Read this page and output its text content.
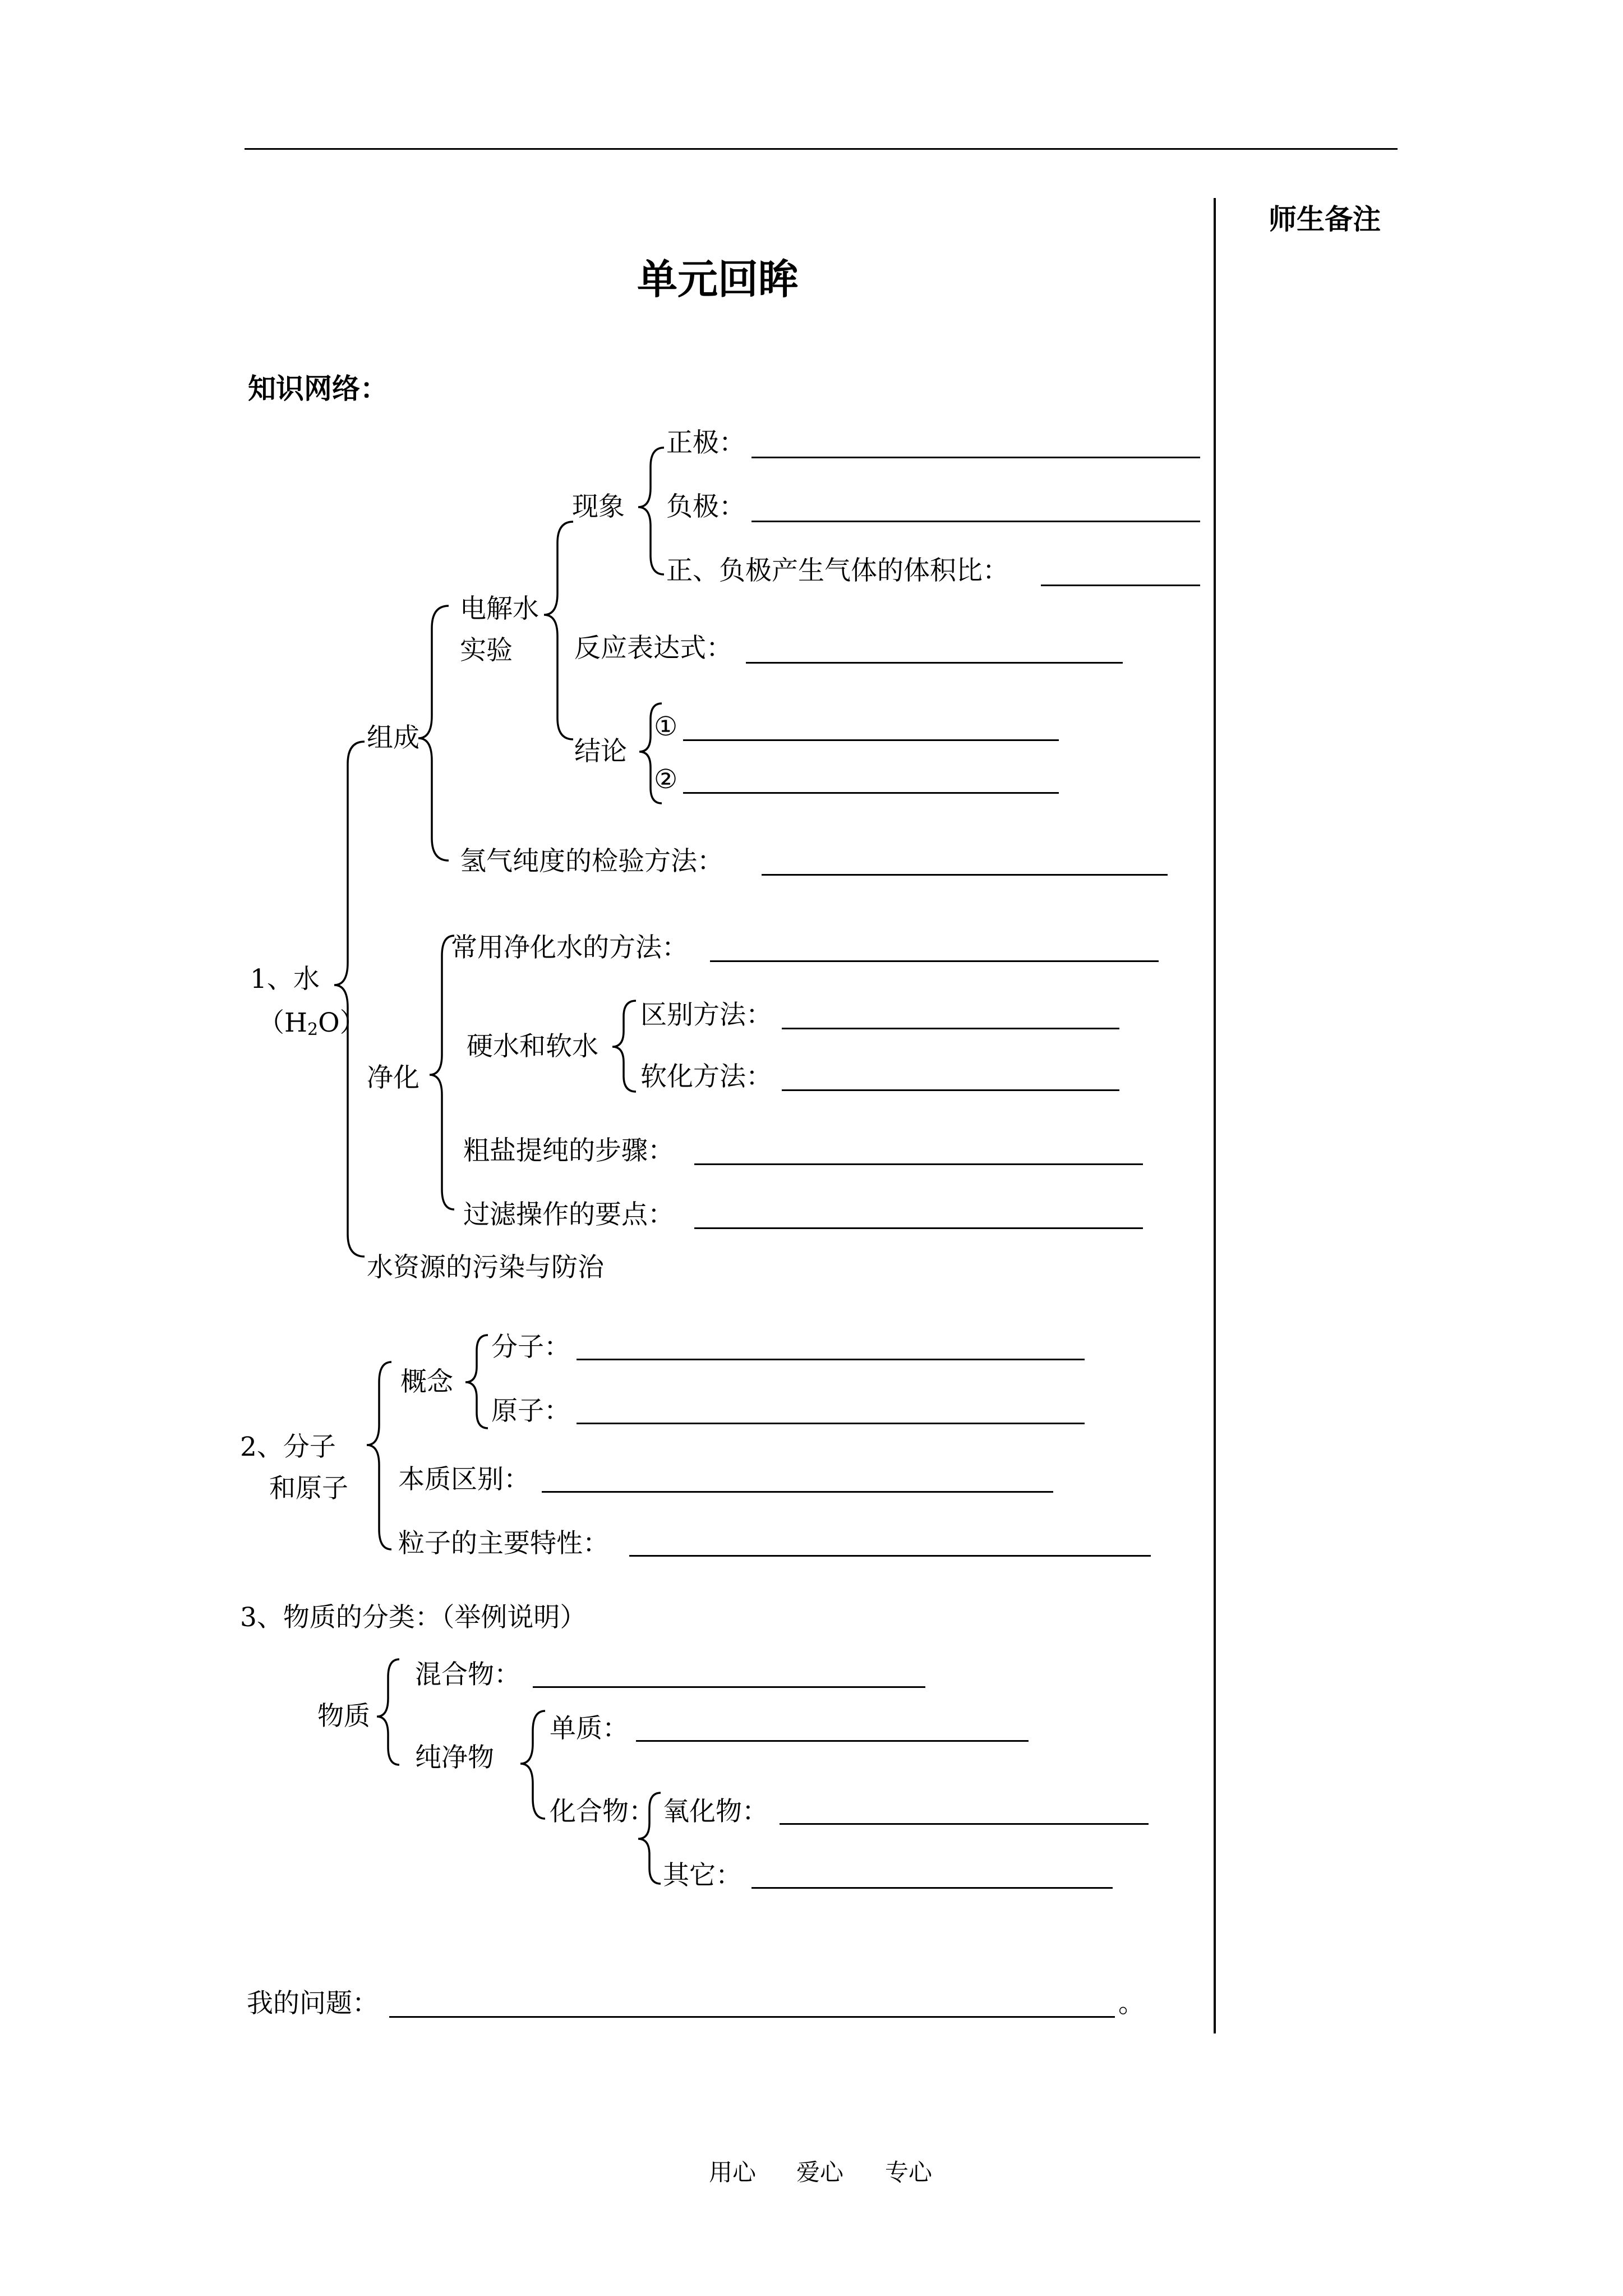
师生备注
单元回眸
知识网络：
1、水
$(H_2O)$
组成
电解水
实验
现象
正极：
负极：
正、负极产生气体的体积比：
反应表达式：
结论
①
②
氢气纯度的检验方法：
净化
常用净化水的方法：
硬水和软水
区别方法：
软化方法：
粗盐提纯的步骤：
过滤操作的要点：
水资源的污染与防治
2、分子
和原子
概念
分子：
原子：
本质区别：
粒子的主要特性：
3、物质的分类：（举例说明）
物质
混合物：
纯净物
单质：
化合物： 氧化物：
其它：
我的问题：	。
用心 爱心 专心
